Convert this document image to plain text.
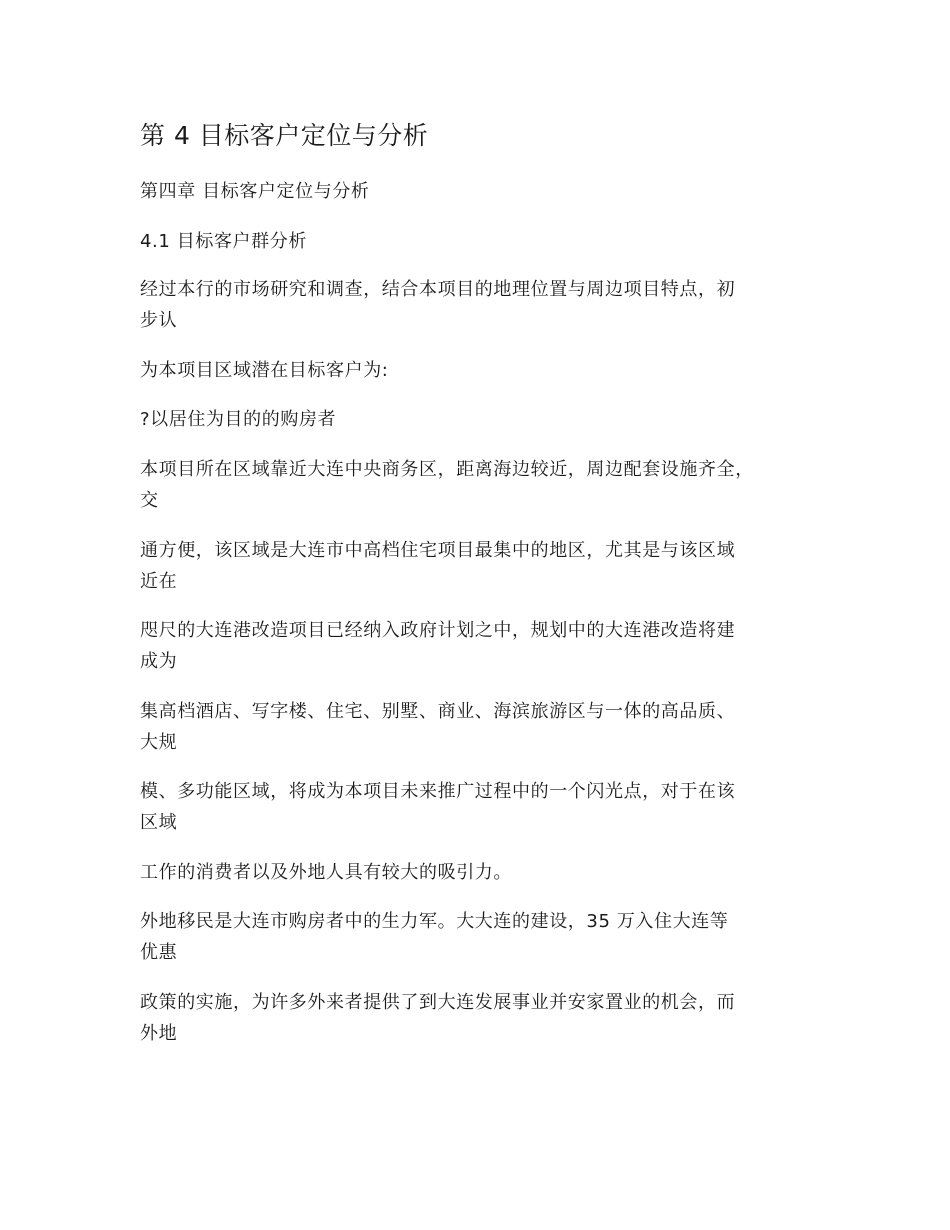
第 4 目标客户定位与分析
第四章 目标客户定位与分析
4.1 目标客户群分析
经过本行的市场研究和调查，结合本项目的地理位置与周边项目特点，初
步认
为本项目区域潜在目标客户为:
?以居住为目的的购房者
本项目所在区域靠近大连中央商务区，距离海边较近，周边配套设施齐全，
交
通方便，该区域是大连市中高档住宅项目最集中的地区，尤其是与该区域
近在
咫尺的大连港改造项目已经纳入政府计划之中，规划中的大连港改造将建
成为
集高档酒店、写字楼、住宅、别墅、商业、海滨旅游区与一体的高品质、
大规
模、多功能区域，将成为本项目未来推广过程中的一个闪光点，对于在该
区域
工作的消费者以及外地人具有较大的吸引力。
外地移民是大连市购房者中的生力军。大大连的建设，35 万入住大连等
优惠
政策的实施，为许多外来者提供了到大连发展事业并安家置业的机会，而
外地
